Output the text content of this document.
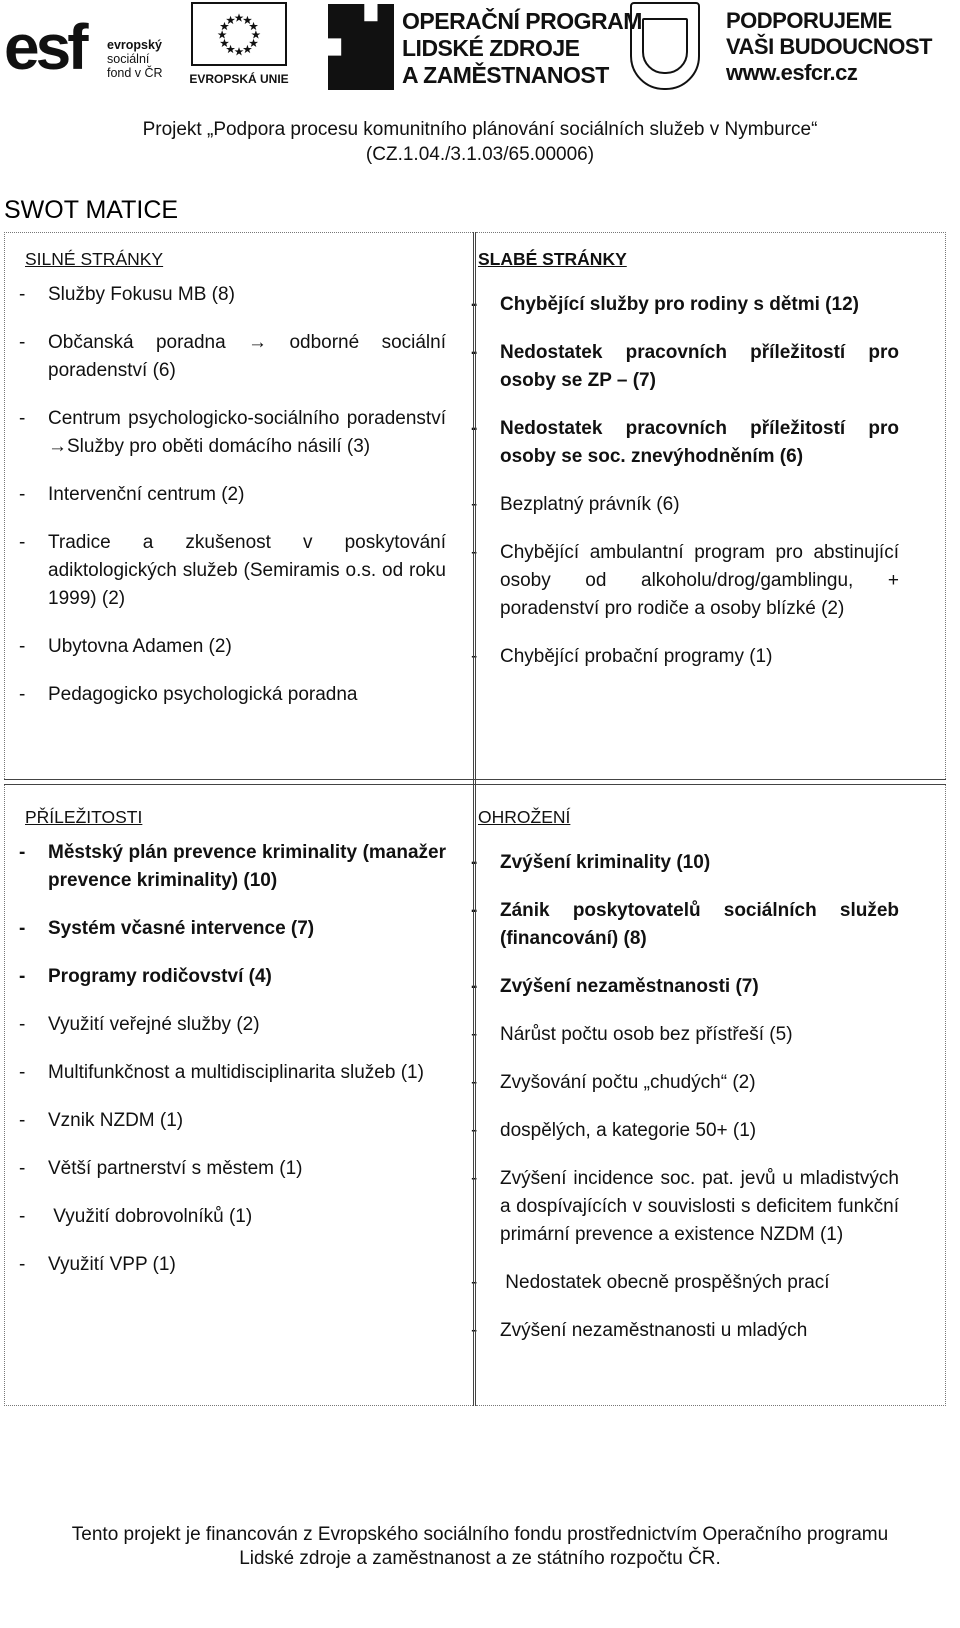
esf evropský
sociální
fond v ČR	EVROPSKÁ UNIE
OPERAČNÍ PROGRAM
LIDSKÉ ZDROJE
A ZAMĚSTNANOST
PODPORUJEME
VAŠI BUDOUCNOST
www.esfcr.cz
Projekt „Podpora procesu komunitního plánování sociálních služeb v Nymburce“
(CZ.1.04./3.1.03/65.00006)
SWOT MATICE
SILNÉ STRÁNKY
- Služby Fokusu MB (8)
- Občanská poradna → odborné sociální poradenství (6)
- Centrum psychologicko-sociálního poradenství →Služby pro oběti domácího násilí (3)
- Intervenční centrum (2)
- Tradice a zkušenost v poskytování adiktologických služeb (Semiramis o.s. od roku 1999) (2)
- Ubytovna Adamen (2)
- Pedagogicko psychologická poradna
SLABÉ STRÁNKY
- Chybějící služby pro rodiny s dětmi (12)
- Nedostatek pracovních příležitostí pro osoby se ZP – (7)
- Nedostatek pracovních příležitostí pro osoby se soc. znevýhodněním (6)
- Bezplatný právník (6)
- Chybějící ambulantní program pro abstinující osoby od alkoholu/drog/gamblingu, + poradenství pro rodiče a osoby blízké (2)
- Chybějící probační programy (1)
PŘÍLEŽITOSTI
- Městský plán prevence kriminality (manažer prevence kriminality) (10)
- Systém včasné intervence (7)
- Programy rodičovství (4)
- Využití veřejné služby (2)
- Multifunkčnost a multidisciplinarita služeb (1)
- Vznik NZDM (1)
- Větší partnerství s městem (1)
-  Využití dobrovolníků (1)
- Využití VPP (1)
OHROŽENÍ
- Zvýšení kriminality (10)
- Zánik poskytovatelů sociálních služeb (financování) (8)
- Zvýšení nezaměstnanosti (7)
- Nárůst počtu osob bez přístřeší (5)
- Zvyšování počtu „chudých“ (2)
- dospělých, a kategorie 50+ (1)
- Zvýšení incidence soc. pat. jevů u mladistvých a dospívajících v souvislosti s deficitem funkční primární prevence a existence NZDM (1)
-  Nedostatek obecně prospěšných prací
- Zvýšení nezaměstnanosti u mladých
Tento projekt je financován z Evropského sociálního fondu prostřednictvím Operačního programu
Lidské zdroje a zaměstnanost a ze státního rozpočtu ČR.
